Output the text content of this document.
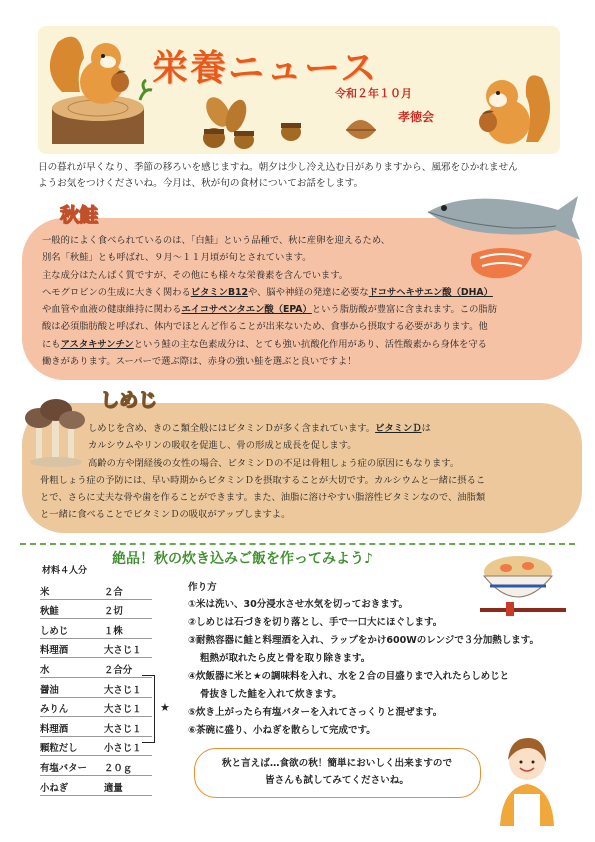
栄養ニュース
令和２年１０月
孝徳会
日の暮れが早くなり、季節の移ろいを感じますね。朝夕は少し冷え込む日がありますから、風邪をひかれません
ようお気をつけくださいね。今月は、秋が旬の食材についてお話をします。
秋鮭
一般的によく食べられているのは、「白鮭」という品種で、秋に産卵を迎えるため、
別名「秋鮭」とも呼ばれ、９月～１１月頃が旬とされています。
主な成分はたんぱく質ですが、その他にも様々な栄養素を含んでいます。
ヘモグロビンの生成に大きく関わるビタミンB12や、脳や神経の発達に必要なドコサヘキサエン酸（DHA）
や血管や血液の健康維持に関わるエイコサペンタエン酸（EPA）という脂肪酸が豊富に含まれます。この脂肪
酸は必須脂肪酸と呼ばれ、体内でほとんど作ることが出来ないため、食事から摂取する必要があります。他
にもアスタキサンチンという鮭の主な色素成分は、とても強い抗酸化作用があり、活性酸素から身体を守る
働きがあります。スーパーで選ぶ際は、赤身の強い鮭を選ぶと良いですよ！
しめじ
しめじを含め、きのこ類全般にはビタミンＤが多く含まれています。ビタミンＤは
カルシウムやリンの吸収を促進し、骨の形成と成長を促します。
高齢の方や閉経後の女性の場合、ビタミンＤの不足は骨粗しょう症の原因にもなります。
骨粗しょう症の予防には、早い時期からビタミンＤを摂取することが大切です。カルシウムと一緒に摂るこ
とで、さらに丈夫な骨や歯を作ることができます。また、油脂に溶けやすい脂溶性ビタミンなので、油脂類
と一緒に食べることでビタミンＤの吸収がアップしますよ。
絶品！秋の炊き込みご飯を作ってみよう♪
材料４人分
米	２合
秋鮭	２切
しめじ	１株
料理酒	大さじ１
水	２合分
醤油	大さじ１
みりん	大さじ１
料理酒	大さじ１
顆粒だし	小さじ１
有塩バター	２０ｇ
小ねぎ	適量
★
作り方
①米は洗い、30分浸水させ水気を切っておきます。
②しめじは石づきを切り落とし、手で一口大にほぐします。
③耐熱容器に鮭と料理酒を入れ、ラップをかけ600Wのレンジで３分加熱します。
粗熱が取れたら皮と骨を取り除きます。
④炊飯器に米と★の調味料を入れ、水を２合の目盛りまで入れたらしめじと
骨抜きした鮭を入れて炊きます。
⑤炊き上がったら有塩バターを入れてさっくりと混ぜます。
⑥茶碗に盛り、小ねぎを散らして完成です。
秋と言えば…食欲の秋！簡単においしく出来ますので
皆さんも試してみてくださいね。
